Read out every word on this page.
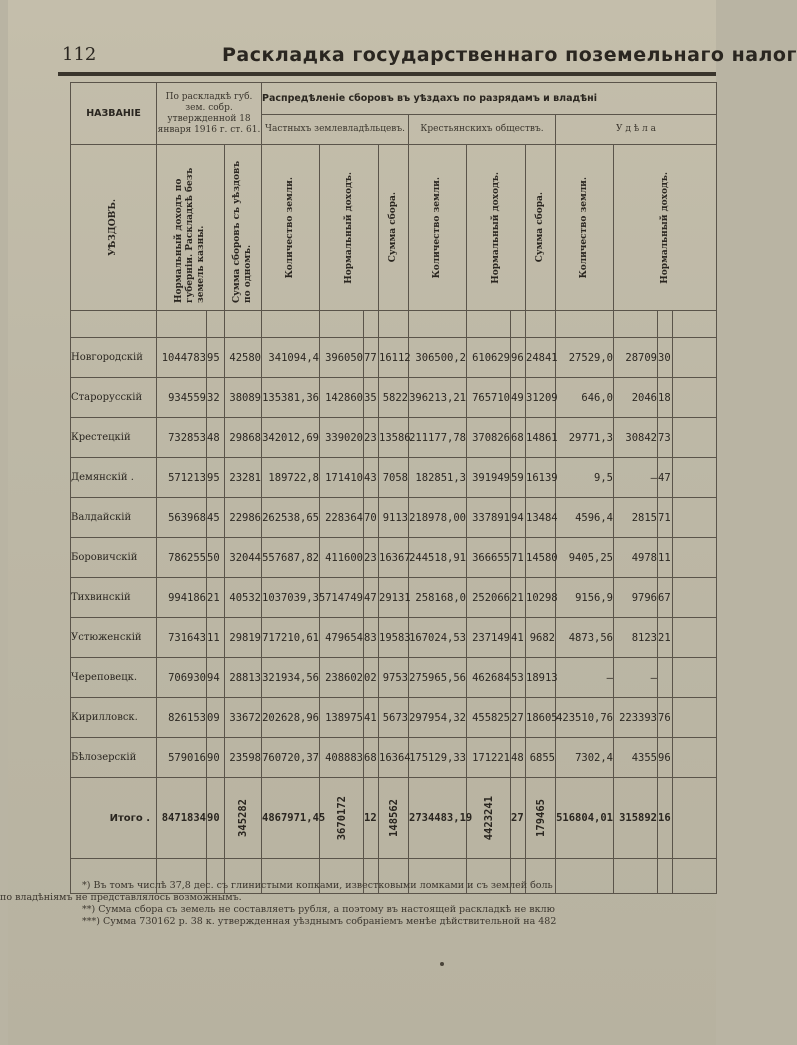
112	Раскладка государственнаго поземельнаго налог
НАЗВАНІЕ	По раскладкѣ губ. зем. собр. утвержденной 18 января 1916 г. ст. 61.			Распредѣленіе сборовъ въ уѣздахъ по разрядамъ и владѣні											
				Частныхъ землевладѣльцевъ.				Крестьянскихъ обществъ.				У д ѣ л а			

УѢЗДОВЪ.	Нормальный доходъ по губерніи. Раскладкѣ безъ земель казны.		Сумма сборовъ съ уѣздовъ по одномъ.	Количество земли.	Нормальный доходъ.		Сумма сбора.	Количество земли.	Нормальный доходъ.		Сумма сбора.	Количество земли.	Нормальный доходъ.		

Новгородскій	1044783	95	42580	341094,4	396050	77	16112	306500,2	610629	96	24841	27529,0	28709	30	
Старорусскій	934559	32	38089	135381,36	142860	35	5822	396213,21	765710	49	31209	646,0	2046	18	
Крестецкій	732853	48	29868	342012,69	339020	23	13586	211177,78	370826	68	14861	29771,3	30842	73	
Демянскій .	571213	95	23281	189722,8	171410	43	7058	182851,3	391949	59	16139	9,5	—	47	
Валдайскій	563968	45	22986	262538,65	228364	70	9113	218978,00	337891	94	13484	4596,4	2815	71	
Боровичскій	786255	50	32044	557687,82	411600	23	16367	244518,91	366655	71	14580	9405,25	4978	11	
Тихвинскій	994186	21	40532	1037039,35	714749	47	29131	258168,0	252066	21	10298	9156,9	9796	67	
Устюженскій	731643	11	29819	717210,61	479654	83	19583	167024,53	237149	41	9682	4873,56	8123	21	
Череповецк.	706930	94	28813	321934,56	238602	02	9753	275965,56	462684	53	18913	—	—		
Кирилловск.	826153	09	33672	202628,96	138975	41	5673	297954,32	455825	27	18605	423510,76	223393	76	
Бѣлозерскій	579016	90	23598	760720,37	408883	68	16364	175129,33	171221	48	6855	7302,4	4355	96	
Итого .	8471834	90	345282	4867971,45	3670172	12	148562	2734483,19	4423241	27	179465	516804,01	315892	16	

*) Въ томъ числѣ 37,8 дес. съ глинистыми копками, известковыми ломками и съ землей боль
по владѣніямъ не представлялось возможнымъ.
**) Сумма сбора съ земель не составляетъ рубля, а поэтому въ настоящей раскладкѣ не вклю
***) Сумма 730162 р. 38 к. утвержденная уѣзднымъ собраніемъ менѣе дѣйствительной на 482
